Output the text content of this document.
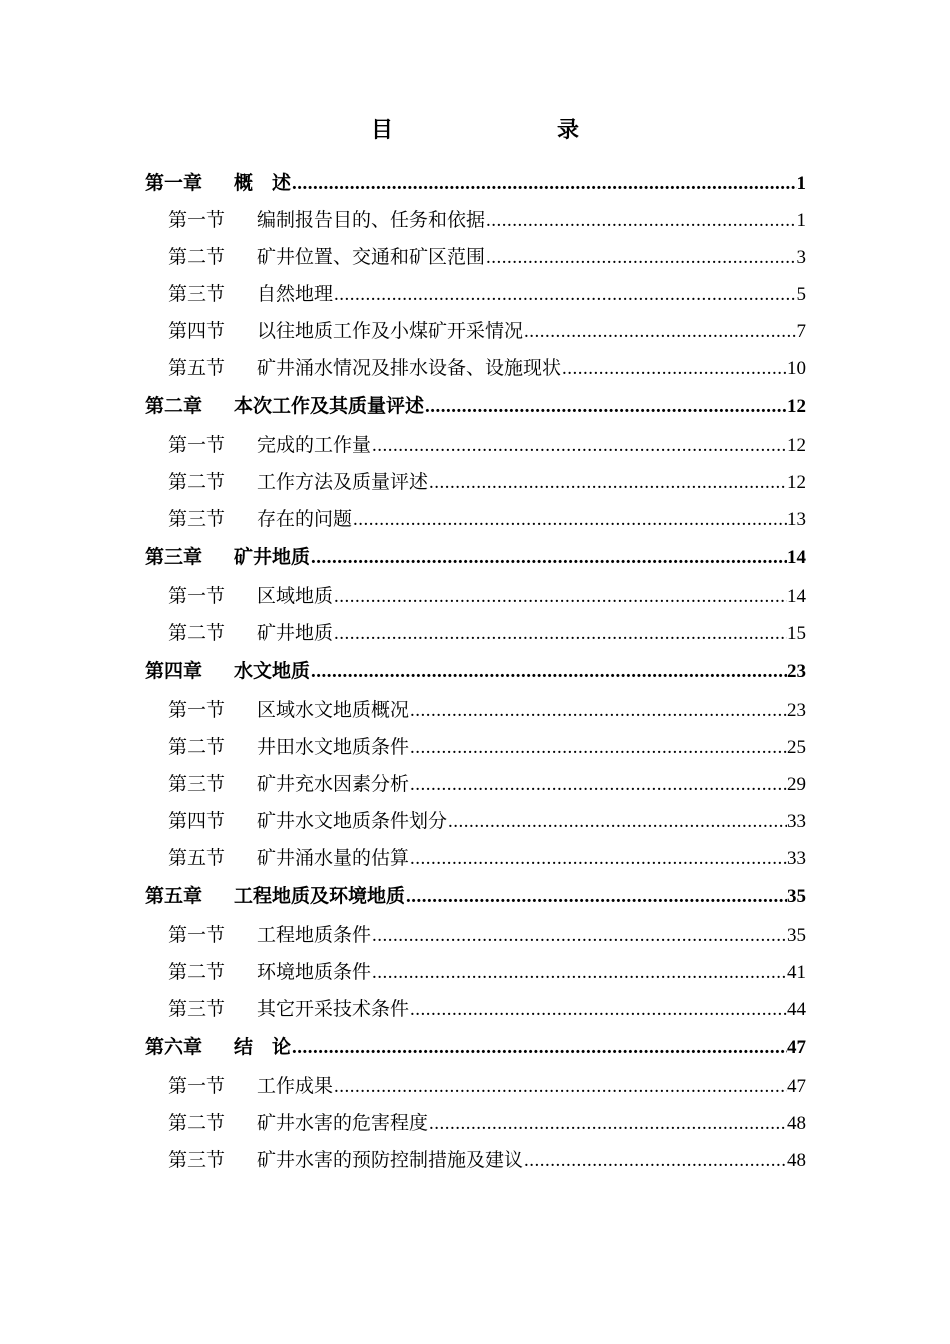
目　　录
第一章	概　述 .....	1
第一节	编制报告目的、任务和依据 .....	1
第二节	矿井位置、交通和矿区范围 .....	3
第三节	自然地理 .....	5
第四节	以往地质工作及小煤矿开采情况 .....	7
第五节	矿井涌水情况及排水设备、设施现状 .....	10
第二章	本次工作及其质量评述 .....	12
第一节	完成的工作量 .....	12
第二节	工作方法及质量评述 .....	12
第三节	存在的问题 .....	13
第三章	矿井地质 .....	14
第一节	区域地质 .....	14
第二节	矿井地质 .....	15
第四章	水文地质 .....	23
第一节	区域水文地质概况 .....	23
第二节	井田水文地质条件 .....	25
第三节	矿井充水因素分析 .....	29
第四节	矿井水文地质条件划分 .....	33
第五节	矿井涌水量的估算 .....	33
第五章	工程地质及环境地质 .....	35
第一节	工程地质条件 .....	35
第二节	环境地质条件 .....	41
第三节	其它开采技术条件 .....	44
第六章	结　论 .....	47
第一节	工作成果 .....	47
第二节	矿井水害的危害程度 .....	48
第三节	矿井水害的预防控制措施及建议 .....	48
